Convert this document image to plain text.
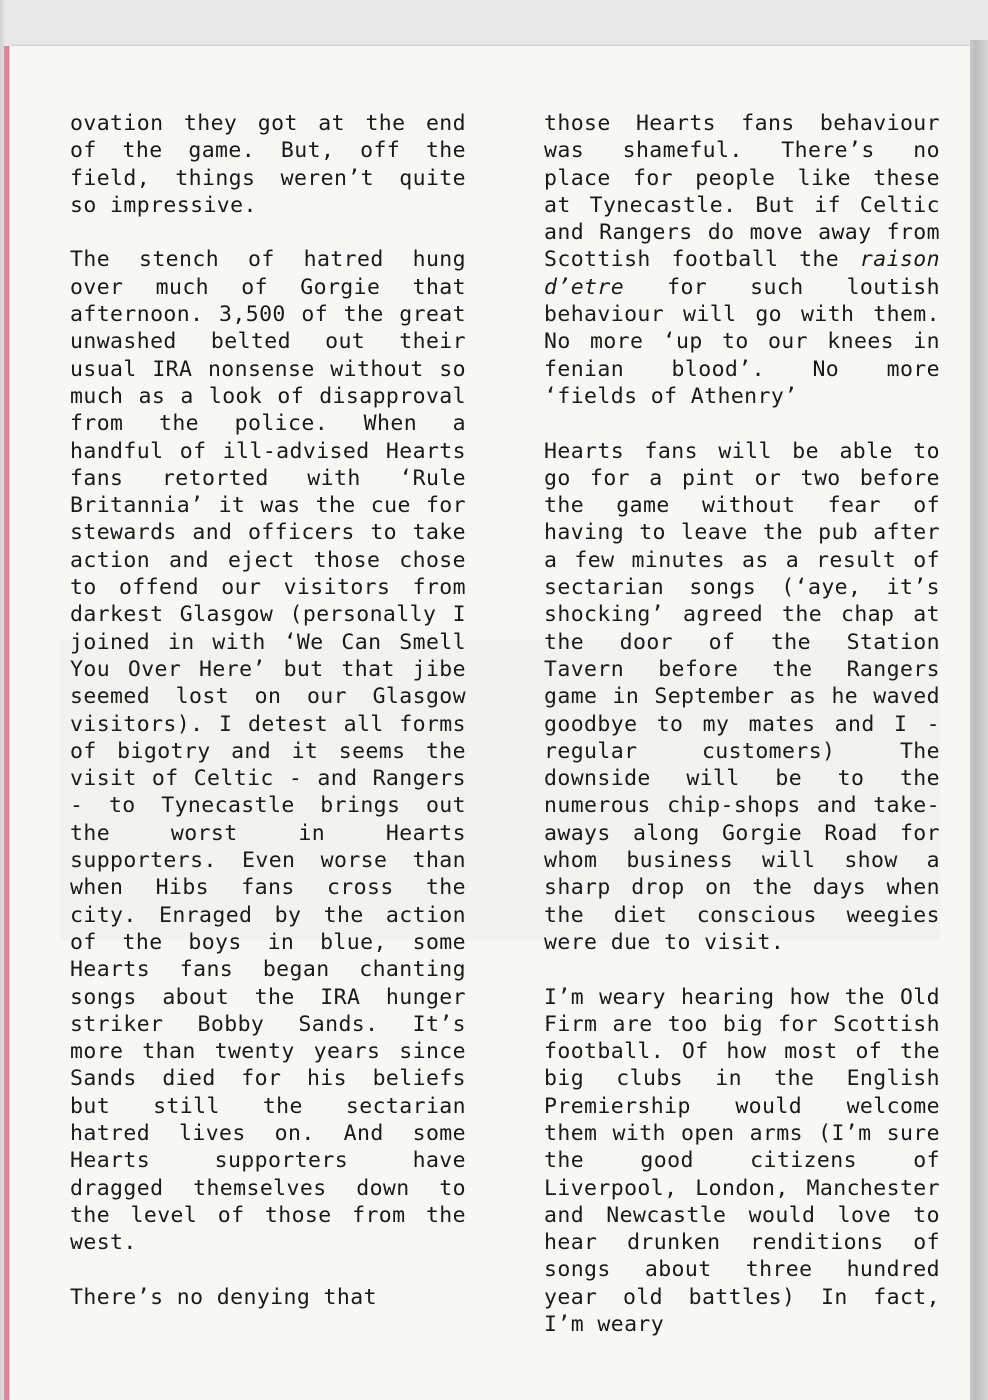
ovation they got at the end of the game. But, off the field, things weren’t quite so impressive.

The stench of hatred hung over much of Gorgie that afternoon. 3,500 of the great unwashed belted out their usual IRA nonsense without so much as a look of disapproval from the police. When a handful of ill-advised Hearts fans retorted with ‘Rule Britannia’ it was the cue for stewards and officers to take action and eject those chose to offend our visitors from darkest Glasgow (personally I joined in with ‘We Can Smell You Over Here’ but that jibe seemed lost on our Glasgow visitors). I detest all forms of bigotry and it seems the visit of Celtic - and Rangers - to Tynecastle brings out the worst in Hearts supporters. Even worse than when Hibs fans cross the city. Enraged by the action of the boys in blue, some Hearts fans began chanting songs about the IRA hunger striker Bobby Sands. It’s more than twenty years since Sands died for his beliefs but still the sectarian hatred lives on. And some Hearts supporters have dragged themselves down to the level of those from the west.

There’s no denying that

those Hearts fans behaviour was shameful. There’s no place for people like these at Tynecastle. But if Celtic and Rangers do move away from Scottish football the raison d’etre for such loutish behaviour will go with them. No more ‘up to our knees in fenian blood’. No more ‘fields of Athenry’

Hearts fans will be able to go for a pint or two before the game without fear of having to leave the pub after a few minutes as a result of sectarian songs (‘aye, it’s shocking’ agreed the chap at the door of the Station Tavern before the Rangers game in September as he waved goodbye to my mates and I - regular customers) The downside will be to the numerous chip-shops and take-aways along Gorgie Road for whom business will show a sharp drop on the days when the diet conscious weegies were due to visit.

I’m weary hearing how the Old Firm are too big for Scottish football. Of how most of the big clubs in the English Premiership would welcome them with open arms (I’m sure the good citizens of Liverpool, London, Manchester and Newcastle would love to hear drunken renditions of songs about three hundred year old battles) In fact, I’m weary
